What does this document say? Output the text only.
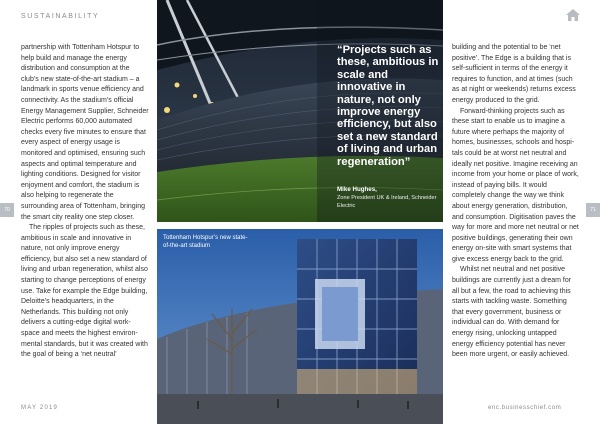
SUSTAINABILITY

partnership with Tottenham Hotspur to help build and manage the energy distribution and consumption at the club’s new state-of-the-art stadium – a landmark in sports venue efficiency and connectivity. As the stadium’s official Energy Management Supplier, Schneider Electric performs 60,000 automated checks every five minutes to ensure that every aspect of energy usage is monitored and optimised, ensuring such aspects and optimal temperature and lighting conditions. Designed for visitor enjoyment and comfort, the stadium is also helping to regenerate the surrounding area of Tottenham, bringing the smart city reality one step closer.

The ripples of projects such as these, ambitious in scale and innovative in nature, not only improve energy efficiency, but also set a new standard of living and urban regeneration, whilst also starting to change perceptions of energy use. Take for example the Edge building, Deloitte’s headquarters, in the Netherlands. This building not only delivers a cutting-edge digital work-space and meets the highest environ-mental standards, but it was created with the goal of being a ‘net neutral’

building and the potential to be ‘net positive’. The Edge is a building that is self-sufficient in terms of the energy it requires to function, and at times (such as at night or weekends) returns excess energy produced to the grid.

Forward-thinking projects such as these start to enable us to imagine a future where perhaps the majority of homes, businesses, schools and hospi-tals could be at worst net neutral and ideally net positive. Imagine receiving an income from your home or place of work, instead of paying bills. It would completely change the way we think about energy generation, distribution, and consumption. Digitisation paves the way for more and more net neutral or net positive buildings, generating their own energy on-site with smart systems that give excess energy back to the grid.

Whilst net neutral and net positive buildings are currently just a dream for all but a few, the road to achieving this starts with tackling waste. Something that every government, business or individual can do. With demand for energy rising, unlocking untapped energy efficiency potential has never been more urgent, or easily achieved.

70	71
“Projects such as these, ambitious in scale and innovative in nature, not only improve energy efficiency, but also set a new standard of living and urban regeneration”
Mike Hughes,
Zone President UK & Ireland, Schneider Electric
Tottenham Hotspur’s new state-of-the-art stadium
MAY 2019	enc.businesschief.com
